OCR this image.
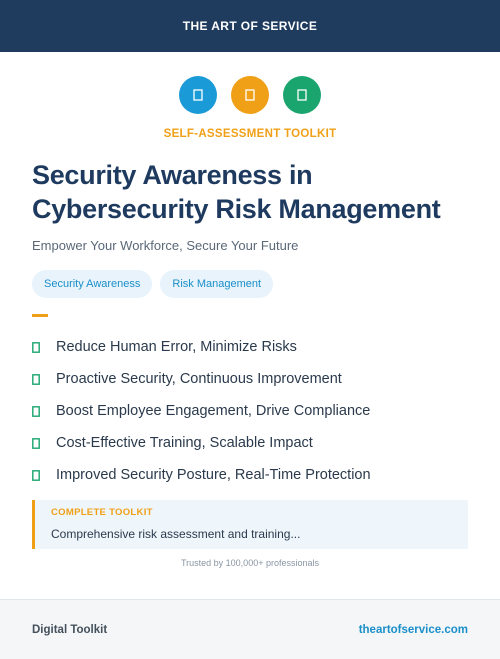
THE ART OF SERVICE
SELF-ASSESSMENT TOOLKIT
Security Awareness in Cybersecurity Risk Management
Empower Your Workforce, Secure Your Future
Security Awareness	Risk Management
Reduce Human Error, Minimize Risks
Proactive Security, Continuous Improvement
Boost Employee Engagement, Drive Compliance
Cost-Effective Training, Scalable Impact
Improved Security Posture, Real-Time Protection
COMPLETE TOOLKIT
Comprehensive risk assessment and training...
Trusted by 100,000+ professionals
Digital Toolkit	theartofservice.com
